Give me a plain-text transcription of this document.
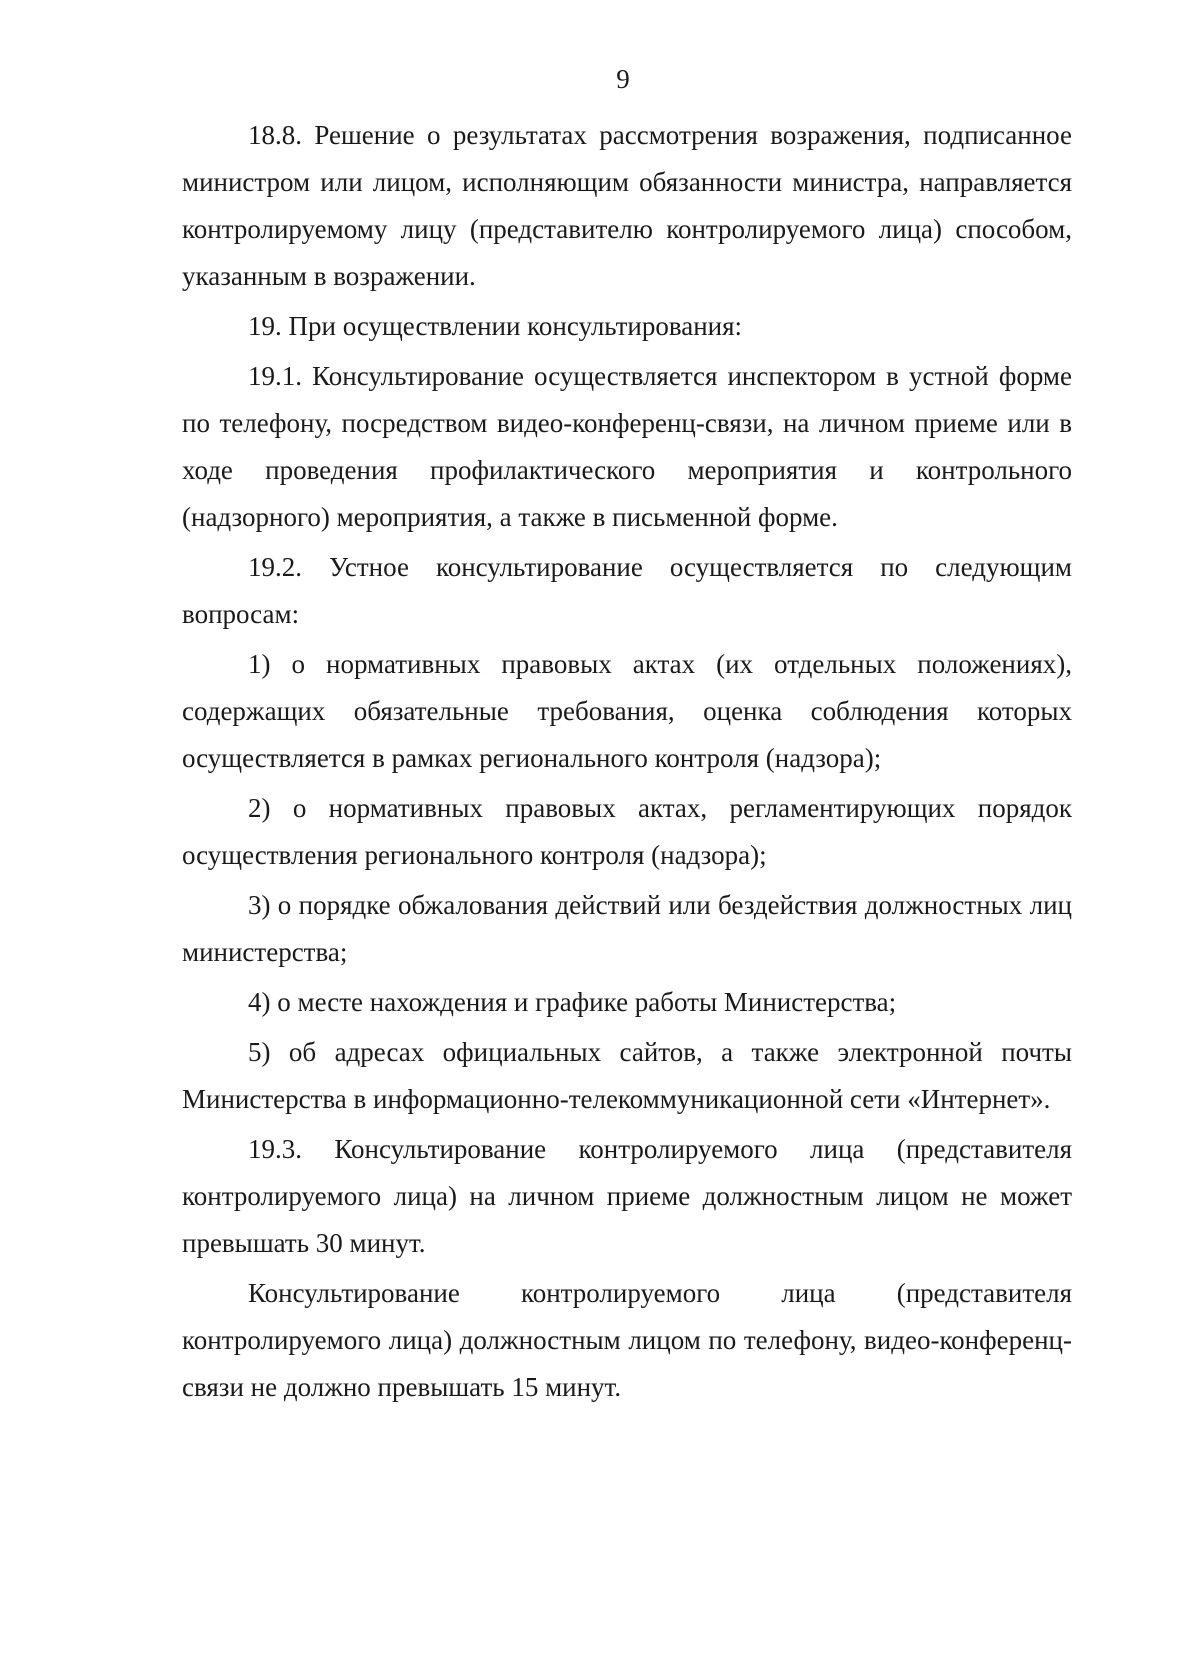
9

18.8. Решение о результатах рассмотрения возражения, подписанное министром или лицом, исполняющим обязанности министра, направляется контролируемому лицу (представителю контролируемого лица) способом, указанным в возражении.

19. При осуществлении консультирования:

19.1. Консультирование осуществляется инспектором в устной форме по телефону, посредством видео-конференц-связи, на личном приеме или в ходе проведения профилактического мероприятия и контрольного (надзорного) мероприятия, а также в письменной форме.

19.2. Устное консультирование осуществляется по следующим вопросам:

1) о нормативных правовых актах (их отдельных положениях), содержащих обязательные требования, оценка соблюдения которых осуществляется в рамках регионального контроля (надзора);

2) о нормативных правовых актах, регламентирующих порядок осуществления регионального контроля (надзора);

3) о порядке обжалования действий или бездействия должностных лиц министерства;

4) о месте нахождения и графике работы Министерства;

5) об адресах официальных сайтов, а также электронной почты Министерства в информационно-телекоммуникационной сети «Интернет».

19.3. Консультирование контролируемого лица (представителя контролируемого лица) на личном приеме должностным лицом не может превышать 30 минут.

Консультирование контролируемого лица (представителя контролируемого лица) должностным лицом по телефону, видео-конференц-связи не должно превышать 15 минут.
